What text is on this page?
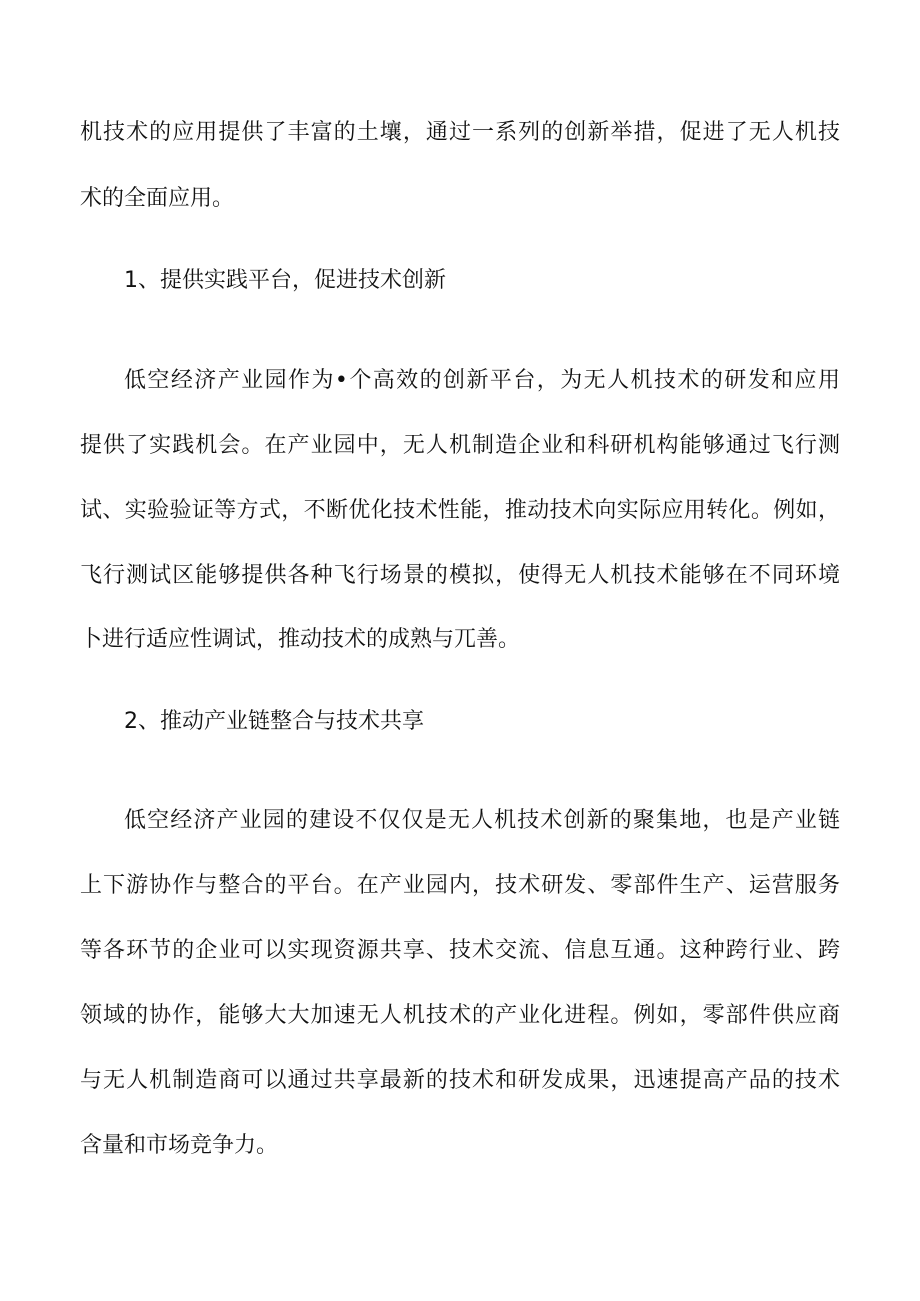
机技术的应用提供了丰富的土壤，通过一系列的创新举措，促进了无人机技
术的全面应用。
1、提供实践平台，促进技术创新
低空经济产业园作为•个高效的创新平台，为无人机技术的研发和应用
提供了实践机会。在产业园中，无人机制造企业和科研机构能够通过飞行测
试、实验验证等方式，不断优化技术性能，推动技术向实际应用转化。例如，
飞行测试区能够提供各种飞行场景的模拟，使得无人机技术能够在不同环境
卜进行适应性调试，推动技术的成熟与兀善。
2、推动产业链整合与技术共享
低空经济产业园的建设不仅仅是无人机技术创新的聚集地，也是产业链
上下游协作与整合的平台。在产业园内，技术研发、零部件生产、运营服务
等各环节的企业可以实现资源共享、技术交流、信息互通。这种跨行业、跨
领域的协作，能够大大加速无人机技术的产业化进程。例如，零部件供应商
与无人机制造商可以通过共享最新的技术和研发成果，迅速提高产品的技术
含量和市场竞争力。
